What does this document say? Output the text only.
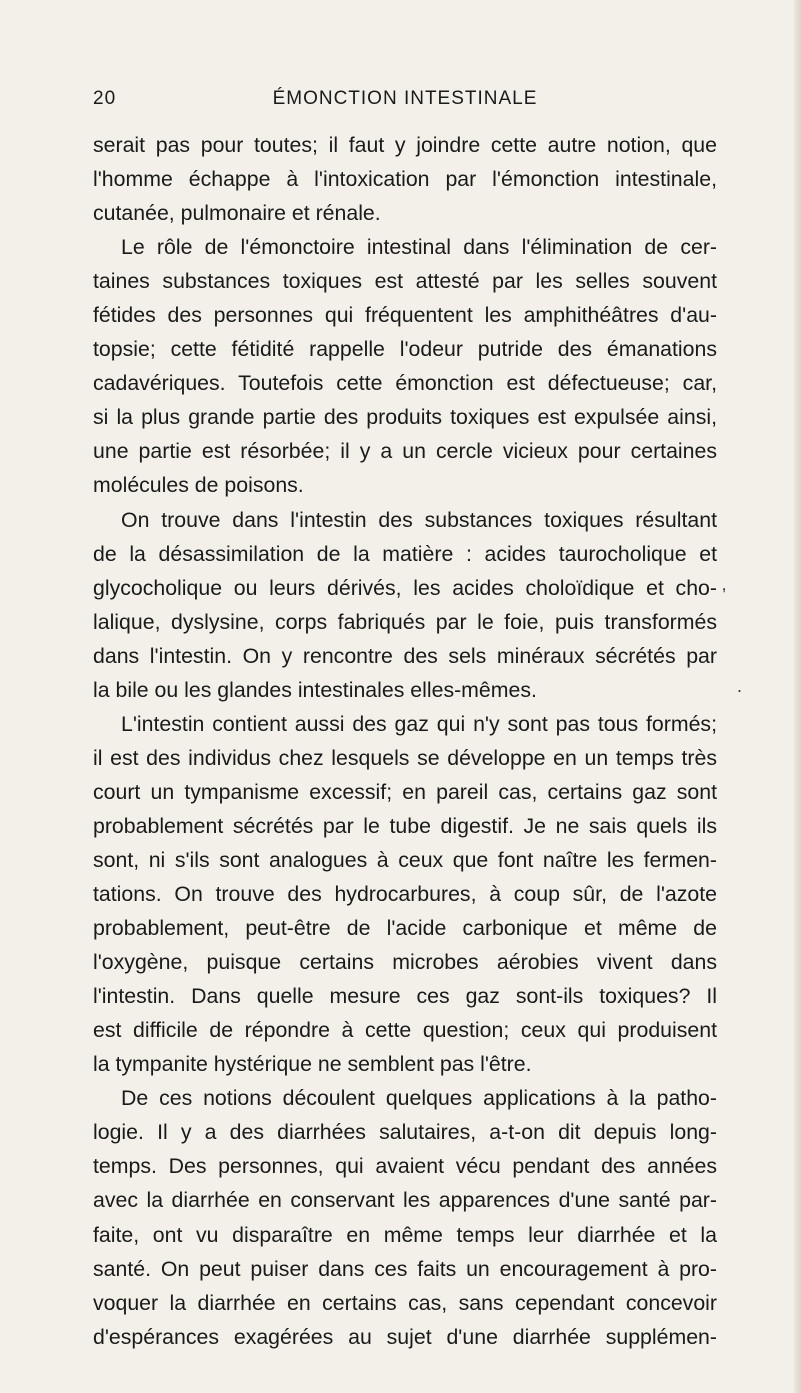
20	ÉMONCTION INTESTINALE
serait pas pour toutes; il faut y joindre cette autre notion, que
l'homme échappe à l'intoxication par l'émonction intestinale,
cutanée, pulmonaire et rénale.
Le rôle de l'émonctoire intestinal dans l'élimination de cer-
taines substances toxiques est attesté par les selles souvent
fétides des personnes qui fréquentent les amphithéâtres d'au-
topsie; cette fétidité rappelle l'odeur putride des émanations
cadavériques. Toutefois cette émonction est défectueuse; car,
si la plus grande partie des produits toxiques est expulsée ainsi,
une partie est résorbée; il y a un cercle vicieux pour certaines
molécules de poisons.
On trouve dans l'intestin des substances toxiques résultant
de la désassimilation de la matière : acides taurocholique et
glycocholique ou leurs dérivés, les acides choloïdique et cho-
lalique, dyslysine, corps fabriqués par le foie, puis transformés
dans l'intestin. On y rencontre des sels minéraux sécrétés par
la bile ou les glandes intestinales elles-mêmes.
L'intestin contient aussi des gaz qui n'y sont pas tous formés;
il est des individus chez lesquels se développe en un temps très
court un tympanisme excessif; en pareil cas, certains gaz sont
probablement sécrétés par le tube digestif. Je ne sais quels ils
sont, ni s'ils sont analogues à ceux que font naître les fermen-
tations. On trouve des hydrocarbures, à coup sûr, de l'azote
probablement, peut-être de l'acide carbonique et même de
l'oxygène, puisque certains microbes aérobies vivent dans
l'intestin. Dans quelle mesure ces gaz sont-ils toxiques? Il
est difficile de répondre à cette question; ceux qui produisent
la tympanite hystérique ne semblent pas l'être.
De ces notions découlent quelques applications à la patho-
logie. Il y a des diarrhées salutaires, a-t-on dit depuis long-
temps. Des personnes, qui avaient vécu pendant des années
avec la diarrhée en conservant les apparences d'une santé par-
faite, ont vu disparaître en même temps leur diarrhée et la
santé. On peut puiser dans ces faits un encouragement à pro-
voquer la diarrhée en certains cas, sans cependant concevoir
d'espérances exagérées au sujet d'une diarrhée supplémen-
‚
.
